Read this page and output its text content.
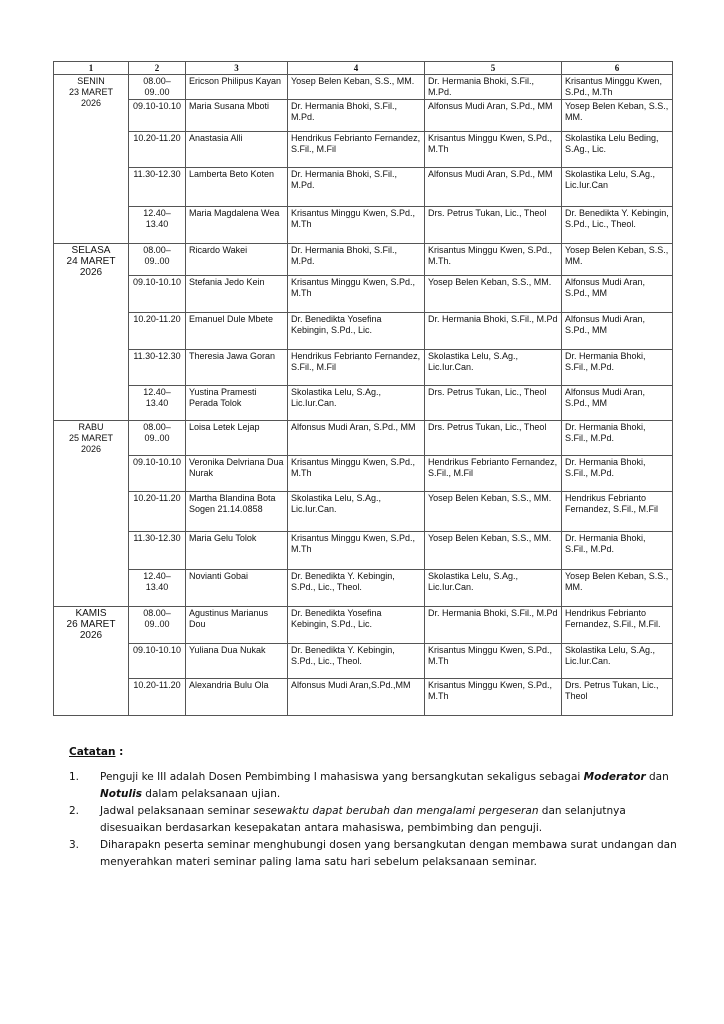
1	2	3	4	5	6

SENIN
23 MARET
2026	08.00–09..00	Ericson Philipus Kayan	Yosep Belen Keban, S.S., MM.	Dr. Hermania Bhoki, S.Fil., M.Pd.	Krisantus Minggu Kwen, S.Pd., M.Th
	09.10-10.10	Maria Susana Mboti	Dr. Hermania Bhoki, S.Fil., M.Pd.	Alfonsus Mudi Aran, S.Pd., MM	Yosep Belen Keban, S.S., MM.
	10.20-11.20	Anastasia Alli	Hendrikus Febrianto Fernandez, S.Fil., M.Fil	Krisantus Minggu Kwen, S.Pd., M.Th	Skolastika Lelu Beding, S.Ag., Lic.
	11.30-12.30	Lamberta Beto Koten	Dr. Hermania Bhoki, S.Fil., M.Pd.	Alfonsus Mudi Aran, S.Pd., MM	Skolastika Lelu, S.Ag., Lic.Iur.Can
	12.40–13.40	Maria Magdalena Wea	Krisantus Minggu Kwen, S.Pd., M.Th	Drs. Petrus Tukan, Lic., Theol	Dr. Benedikta Y. Kebingin, S.Pd., Lic., Theol.

SELASA
24 MARET
2026	08.00–09..00	Ricardo Wakei	Dr. Hermania Bhoki, S.Fil., M.Pd.	Krisantus Minggu Kwen, S.Pd., M.Th.	Yosep Belen Keban, S.S., MM.
	09.10-10.10	Stefania Jedo Kein	Krisantus Minggu Kwen, S.Pd., M.Th	Yosep Belen Keban, S.S., MM.	Alfonsus Mudi Aran, S.Pd., MM
	10.20-11.20	Emanuel Dule Mbete	Dr. Benedikta Yosefina Kebingin, S.Pd., Lic.	Dr. Hermania Bhoki, S.Fil., M.Pd	Alfonsus Mudi Aran, S.Pd., MM
	11.30-12.30	Theresia Jawa Goran	Hendrikus Febrianto Fernandez, S.Fil., M.Fil	Skolastika Lelu, S.Ag., Lic.Iur.Can.	Dr. Hermania Bhoki, S.Fil., M.Pd.
	12.40–13.40	Yustina Pramesti Perada Tolok	Skolastika Lelu, S.Ag., Lic.Iur.Can.	Drs. Petrus Tukan, Lic., Theol	Alfonsus Mudi Aran, S.Pd., MM

RABU
25 MARET
2026	08.00–09..00	Loisa Letek Lejap	Alfonsus Mudi Aran, S.Pd., MM	Drs. Petrus Tukan, Lic., Theol	Dr. Hermania Bhoki, S.Fil., M.Pd.
	09.10-10.10	Veronika Delvriana Dua Nurak	Krisantus Minggu Kwen, S.Pd., M.Th	Hendrikus Febrianto Fernandez, S.Fil., M.Fil	Dr. Hermania Bhoki, S.Fil., M.Pd.
	10.20-11.20	Martha Blandina Bota Sogen 21.14.0858	Skolastika Lelu, S.Ag., Lic.Iur.Can.	Yosep Belen Keban, S.S., MM.	Hendrikus Febrianto Fernandez, S.Fil., M.Fil
	11.30-12.30	Maria Gelu Tolok	Krisantus Minggu Kwen, S.Pd., M.Th	Yosep Belen Keban, S.S., MM.	Dr. Hermania Bhoki, S.Fil., M.Pd.
	12.40–13.40	Novianti Gobai	Dr. Benedikta Y. Kebingin, S.Pd., Lic., Theol.	Skolastika Lelu, S.Ag., Lic.Iur.Can.	Yosep Belen Keban, S.S., MM.

KAMIS
26 MARET
2026	08.00–09..00	Agustinus Marianus Dou	Dr. Benedikta Yosefina Kebingin, S.Pd., Lic.	Dr. Hermania Bhoki, S.Fil., M.Pd	Hendrikus Febrianto Fernandez, S.Fil., M.Fil.
	09.10-10.10	Yuliana Dua Nukak	Dr. Benedikta Y. Kebingin, S.Pd., Lic., Theol.	Krisantus Minggu Kwen, S.Pd., M.Th	Skolastika Lelu, S.Ag., Lic.Iur.Can.
	10.20-11.20	Alexandria Bulu Ola	Alfonsus Mudi Aran,S.Pd.,MM	Krisantus Minggu Kwen, S.Pd., M.Th	Drs. Petrus Tukan, Lic., Theol
Catatan :
1. Penguji ke III adalah Dosen Pembimbing I mahasiswa yang bersangkutan sekaligus sebagai Moderator dan Notulis dalam pelaksanaan ujian.
2. Jadwal pelaksanaan seminar sesewaktu dapat berubah dan mengalami pergeseran dan selanjutnya disesuaikan berdasarkan kesepakatan antara mahasiswa, pembimbing dan penguji.
3. Diharapakn peserta seminar menghubungi dosen yang bersangkutan dengan membawa surat undangan dan menyerahkan materi seminar paling lama satu hari sebelum pelaksanaan seminar.
